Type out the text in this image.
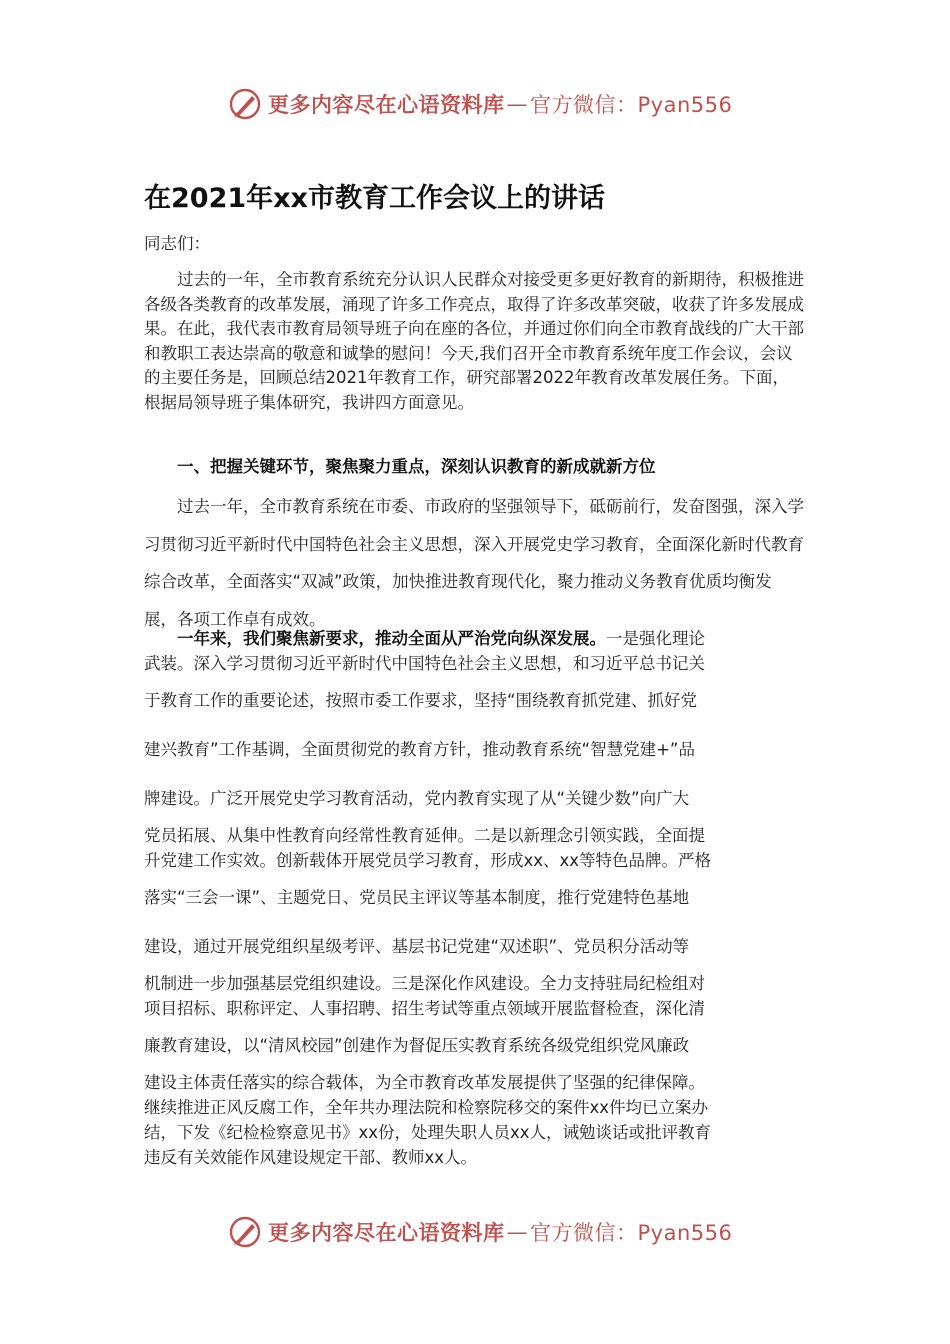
更多内容尽在心语资料库 — 官方微信：Pyan556
在2021年xx市教育工作会议上的讲话

同志们：

过去的一年，全市教育系统充分认识人民群众对接受更多更好教育的新期待，积极推进各级各类教育的改革发展，涌现了许多工作亮点，取得了许多改革突破，收获了许多发展成果。在此，我代表市教育局领导班子向在座的各位，并通过你们向全市教育战线的广大干部和教职工表达崇高的敬意和诚挚的慰问！今天,我们召开全市教育系统年度工作会议，会议的主要任务是，回顾总结2021年教育工作，研究部署2022年教育改革发展任务。下面，根据局领导班子集体研究，我讲四方面意见。

一、把握关键环节，聚焦聚力重点，深刻认识教育的新成就新方位

过去一年，全市教育系统在市委、市政府的坚强领导下，砥砺前行，发奋图强，深入学习贯彻习近平新时代中国特色社会主义思想，深入开展党史学习教育，全面深化新时代教育综合改革，全面落实“双减”政策，加快推进教育现代化，聚力推动义务教育优质均衡发展，各项工作卓有成效。

一年来，我们聚焦新要求，推动全面从严治党向纵深发展。一是强化理论
武装。深入学习贯彻习近平新时代中国特色社会主义思想，和习近平总书记关
于教育工作的重要论述，按照市委工作要求，坚持“围绕教育抓党建、抓好党
建兴教育”工作基调，全面贯彻党的教育方针，推动教育系统“智慧党建+”品
牌建设。广泛开展党史学习教育活动，党内教育实现了从“关键少数”向广大
党员拓展、从集中性教育向经常性教育延伸。二是以新理念引领实践，全面提
升党建工作实效。创新载体开展党员学习教育，形成xx、xx等特色品牌。严格
落实“三会一课”、主题党日、党员民主评议等基本制度，推行党建特色基地
建设，通过开展党组织星级考评、基层书记党建“双述职”、党员积分活动等
机制进一步加强基层党组织建设。三是深化作风建设。全力支持驻局纪检组对
项目招标、职称评定、人事招聘、招生考试等重点领域开展监督检查，深化清
廉教育建设，以“清风校园”创建作为督促压实教育系统各级党组织党风廉政
建设主体责任落实的综合载体，为全市教育改革发展提供了坚强的纪律保障。
继续推进正风反腐工作，全年共办理法院和检察院移交的案件xx件均已立案办
结，下发《纪检检察意见书》xx份，处理失职人员xx人，诫勉谈话或批评教育
违反有关效能作风建设规定干部、教师xx人。
更多内容尽在心语资料库 — 官方微信：Pyan556
